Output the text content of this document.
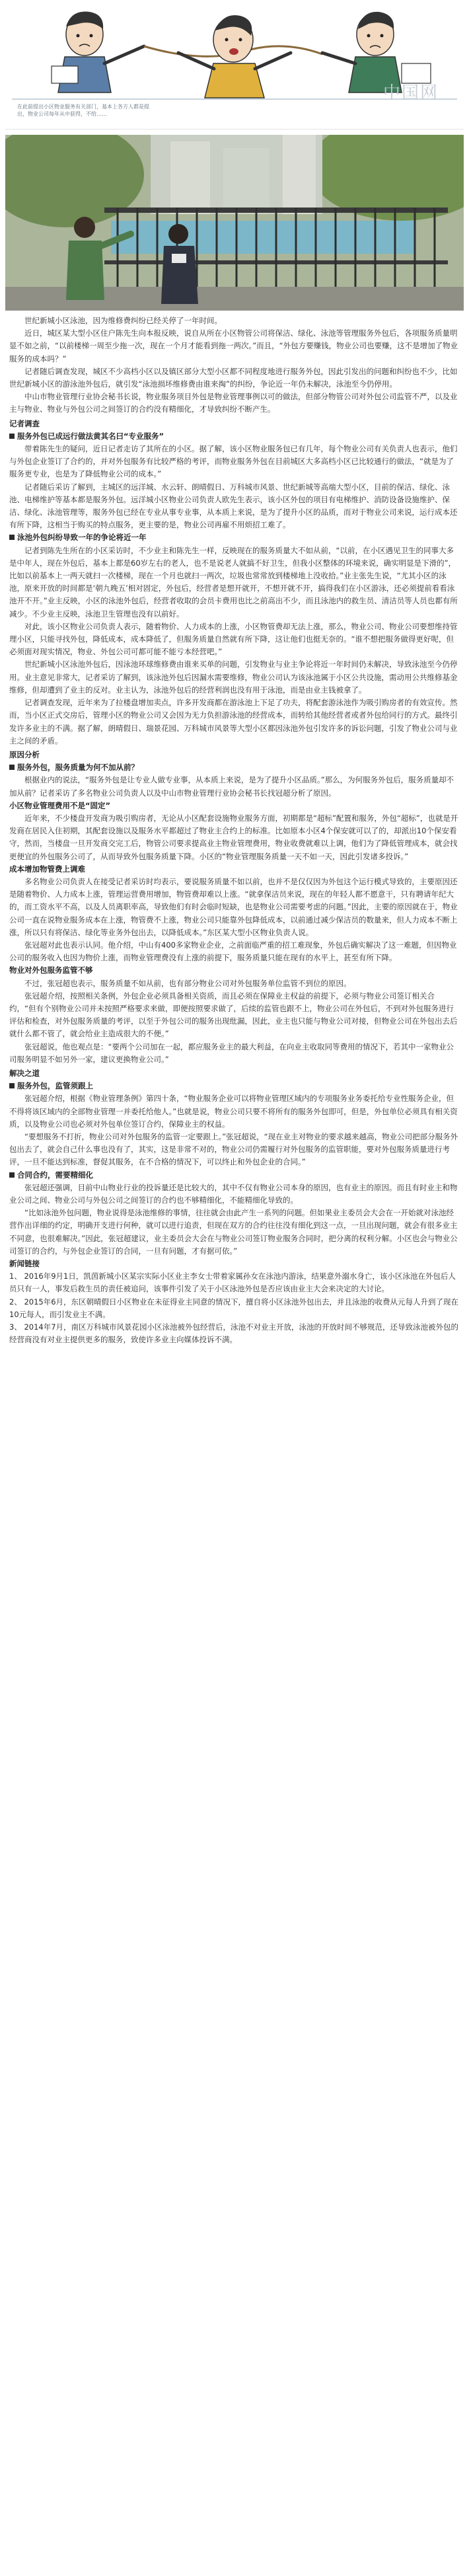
在此前提出小区物业服务有关部门，基本上各方人都是提出，物业公司每年从中获得，不给……
中国网

世纪新城小区泳池，因为维修费纠纷已经关停了一年时间。

近日，城区某大型小区住户陈先生向本报反映，说自从所在小区物管公司将保洁、绿化、泳池等管理服务外包后，各项服务质量明显不如之前，“以前楼梯一周至少拖一次，现在一个月才能看到拖一两次。”而且，“外包方要赚钱，物业公司也要赚，这不是增加了物业服务的成本吗？”

记者随后调查发现，城区不少高档小区以及镇区部分大型小区都不同程度地进行服务外包，因此引发出的问题和纠纷也不少，比如世纪新城小区的游泳池外包后，就引发“泳池损坏维修费由谁来掏”的纠纷，争论近一年仍未解决，泳池至今仍停用。

中山市物业管理行业协会秘书长说，物业服务项目外包是物业管理事例以可的做法，但部分物管公司对外包公司监管不严，以及业主与物业、物业与外包公司之间签订的合约没有精细化，才导致纠纷不断产生。

记者调查

服务外包已成远行做法黄其名曰“专业服务”

带着陈先生的疑问，近日记者走访了其所在的小区。据了解，该小区物业服务包已有几年，每个物业公司有关负责人也表示，他们与外包企业签订了合约的，并对外包服务有比较严格的考评，而物业服务外包在目前城区大多高档小区已比较通行的做法，“就是为了服务更专业，也是为了降低物业公司的成本。”

记者随后采访了解到，主城区的远洋城、水云轩、朗晴假日、万科城市风景、世纪新城等高端大型小区，目前的保洁、绿化、泳池、电梯维护等基本都是服务外包。远洋城小区物业公司负责人欧先生表示，该小区外包的项目有电梯维护、消防设备设施维护、保洁、绿化、泳池管理等，服务外包已经在专业从事专业事，从本质上来说，是为了提升小区的品质，而对于物业公司来说，运行成本还有所下降，这相当于购买的特点服务，更主要的是，物业公司再雇不用烦招工难了。

泳池外包纠纷导致一年的争论将近一年

记者到陈先生所在的小区采访时，不少业主和陈先生一样，反映现在的服务质量大不如从前，“以前，在小区遇见卫生的同事大多是中年人，现在外包后，基本上都是60岁左右的老人，也不是说老人就搞不好卫生，但我小区整体的环境来说，确实明显是下滑的”，比如以前基本上一两天就扫一次楼梯，现在一个月也就扫一两次，垃圾也常常放到楼梯地上没收拾。”业主张先生说，“尤其小区的泳池，原来开放的时间都是‘朝九晚五’相对固定，外包后，经营者是想开就开，不想开就不开，搞得我们在小区游泳，还必须提前看看泳池开不开。”业主反映，小区的泳池外包后，经营者收取的会员卡费用也比之前高出不少，而且泳池内的救生员、清洁员等人员也都有所减少。不少业主反映，泳池卫生管理也没有以前好。

对此，该小区物业公司负责人表示，随着物价、人力成本的上涨，小区物管费却无法上涨，那么，物业公司、物业公司要想维持管理小区，只能寻找外包，降低成本，成本降低了，但服务质量自然就有所下降，这让他们也挺无奈的。“谁不想把服务做得更好呢，但必须面对现实情况，物业、外包公司可都可能不能亏本经营吧。”

世纪新城小区泳池外包后，因泳池环球维修费由谁来买单的问题，引发物业与业主争论将近一年时间仍未解决，导致泳池至今仍停用。业主意见非常大，记者采访了解到，该泳池外包后因漏水需要维修，物业公司认为该泳池属于小区公共设施，需动用公共维修基金维修，但却遭到了业主的反对。业主认为，泳池外包后的经营利润也没有用于泳池，而是由业主钱被拿了。

记者调查发现，近年来为了拉楼盘增加卖点，许多开发商都在游泳池上下足了功夫，将配套游泳池作为吸引购房者的有效宣传。然而，当小区正式交房后，管理小区的物业公司又会因为无力负担游泳池的经营成本，而转给其他经营者或者外包给同行的方式。最终引发许多业主的不满。据了解，朗晴假日、瑞景花园、万科城市风景等大型小区都因泳池外包引发许多的诉讼问题，引发了物业公司与业主之间的矛盾。

原因分析

服务外包，服务质量为何不加从前？

根据业内的说法，“服务外包是让专业人做专业事，从本质上来说，是为了提升小区品质。”那么，为何服务外包后，服务质量却不加从前？记者采访了多名物业公司负责人以及中山市物业管理行业协会秘书长找冠超分析了原因。

小区物业管理费用不是“固定”

近年来，不少楼盘开发商为吸引购房者，无论从小区配套设施物业服务方面，初期都是“超标”配置和服务，外包“超标”，也就是开发商在居民入住初期，其配套设施以及服务水平都超过了物业主合约上的标准。比如原本小区4个保安就可以了的，却派出10个保安看守，然而，当楼盘一旦开发商交完工后，物管公司要求提高业主物业管理费用，物业收费就难以上调，他们为了降低管理成本，就会找更便宜的外包服务公司了，从而导致外包服务质量下降。小区的“物业管理服务质量一天不如一天，因此引发诸多投诉。”

成本增加物管费上调难

多名物业公司负责人在接受记者采访时均表示，要说服务质量不如以前，也并不是仅仅因为外包这个运行模式导致的，主要原因还是随着物价、人力成本上涨，管理运营费用增加，物管费却难以上涨。“就拿保洁员来说，现在的年轻人都不愿意干，只有聘请年纪大的，而工资水平不高，以及人员离职率高，导致他们有时会临时短缺，也是物业公司需要考虑的问题。”因此，主要的原因就在于，物业公司一直在说物业服务成本在上涨，物管费不上涨，物业公司只能靠外包降低成本，以前通过减少保洁员的数量来，但人力成本不断上涨，所以只有将保洁、绿化等业务外包出去，以降低成本。”东区某大型小区物业负责人说。

张冠超对此也表示认同。他介绍，中山有400多家物业企业，之前面临严重的招工难现象，外包后确实解决了这一难题，但因物业公司的服务收入也因为物价上涨，而物业管理费没有上涨的前提下，服务质量只能在现有的水平上，甚至有所下降。

物业对外包服务监管不够

不过，张冠超也表示，服务质量不如从前，也有部分物业公司对外包服务单位监管不到位的原因。

张冠超介绍，按照相关条例，外包企业必须具备相关资质，而且必须在保障业主权益的前提下，必须与物业公司签订相关合约，“但有个别物业公司并未按照严格要求来做，即便按照要求做了，后续的监管也跟不上，物业公司在外包后，不到对外包服务进行评估和检查，对外包服务质量的考评，以至于外包公司的服务出现纰漏，因此，业主也只能与物业公司对接，但物业公司在外包出去后就什么都不管了，就会给业主造成很大的不便。”

张冠超说，他也观点是：“要两个公司加在一起，都应服务业主的最大利益，在向业主收取同等费用的情况下，若其中一家物业公司服务明显不如另外一家，建议更换物业公司。”

解决之道

服务外包，监管须跟上

张冠超介绍，根据《物业管理条例》第四十条，“物业服务企业可以将物业管理区域内的专项服务业务委托给专业性服务企业，但不得将该区域内的全部物业管理一并委托给他人。”也就是说，物业公司只要不将所有的服务外包即可，但是，外包单位必须具有相关资质，以及物业公司也必须对外包单位签订合约，保障业主的权益。

“要想服务不打折，物业公司对外包服务的监管一定要跟上。”张冠超说，“现在业主对物业的要求越来越高，物业公司把部分服务外包出去了，就会自己什么事也没有了，其实，这是非常不对的，物业公司仍需履行对外包服务的监管职能，要对外包服务质量进行考评，一旦不能达到标准，督促其服务，在不合格的情况下，可以终止和外包企业的合同。”

合同合约，需要精细化

张冠超还强调，目前中山物业行业的投诉量还是比较大的，其中不仅有物业公司本身的原因，也有业主的原因。而且有时业主和物业公司之间、物业公司与外包公司之间签订的合约也不够精细化，不能精细化导致的。

“比如泳池外包问题，物业说得是泳池维修的事情，往往就会由此产生一系列的问题。但如果业主委员会大会在一开始就对泳池经营作出详细的约定，明确开支进行何种，就可以进行追责，但现在双方的合约往往没有细化到这一点，一旦出现问题，就会有很多业主不同意，也很难解决。”因此，张冠超建议，业主委员会大会在与物业公司签订物业服务合同时，把分离的权利分解。小区也会与物业公司签订的合约，与外包企业签订的合同，一旦有问题，才有据可依。”

新闻链接

1、 2016年9月1日，凯茵新城小区某宗实际小区业主李女士带着家属孙女在泳池内游泳，结果意外溺水身亡，该小区泳池在外包后人员只有一人，事发后救生员的责任被追问，该事件引发了关于小区泳池外包是否应该由业主大会来决定的大讨论。

2、 2015年6月，东区朝晴假日小区物业在未征得业主同意的情况下，擅自将小区泳池外包出去，并且泳池的收费从元每人升到了现在10元每人，而引发业主不满。

3、 2014年7月，南区万科城市风景花园小区泳池被外包经营后，泳池不对业主开放，泳池的开放时间不够规范，还导致泳池被外包的经营商没有对业主提供更多的服务，致使许多业主向媒体投诉不满。
